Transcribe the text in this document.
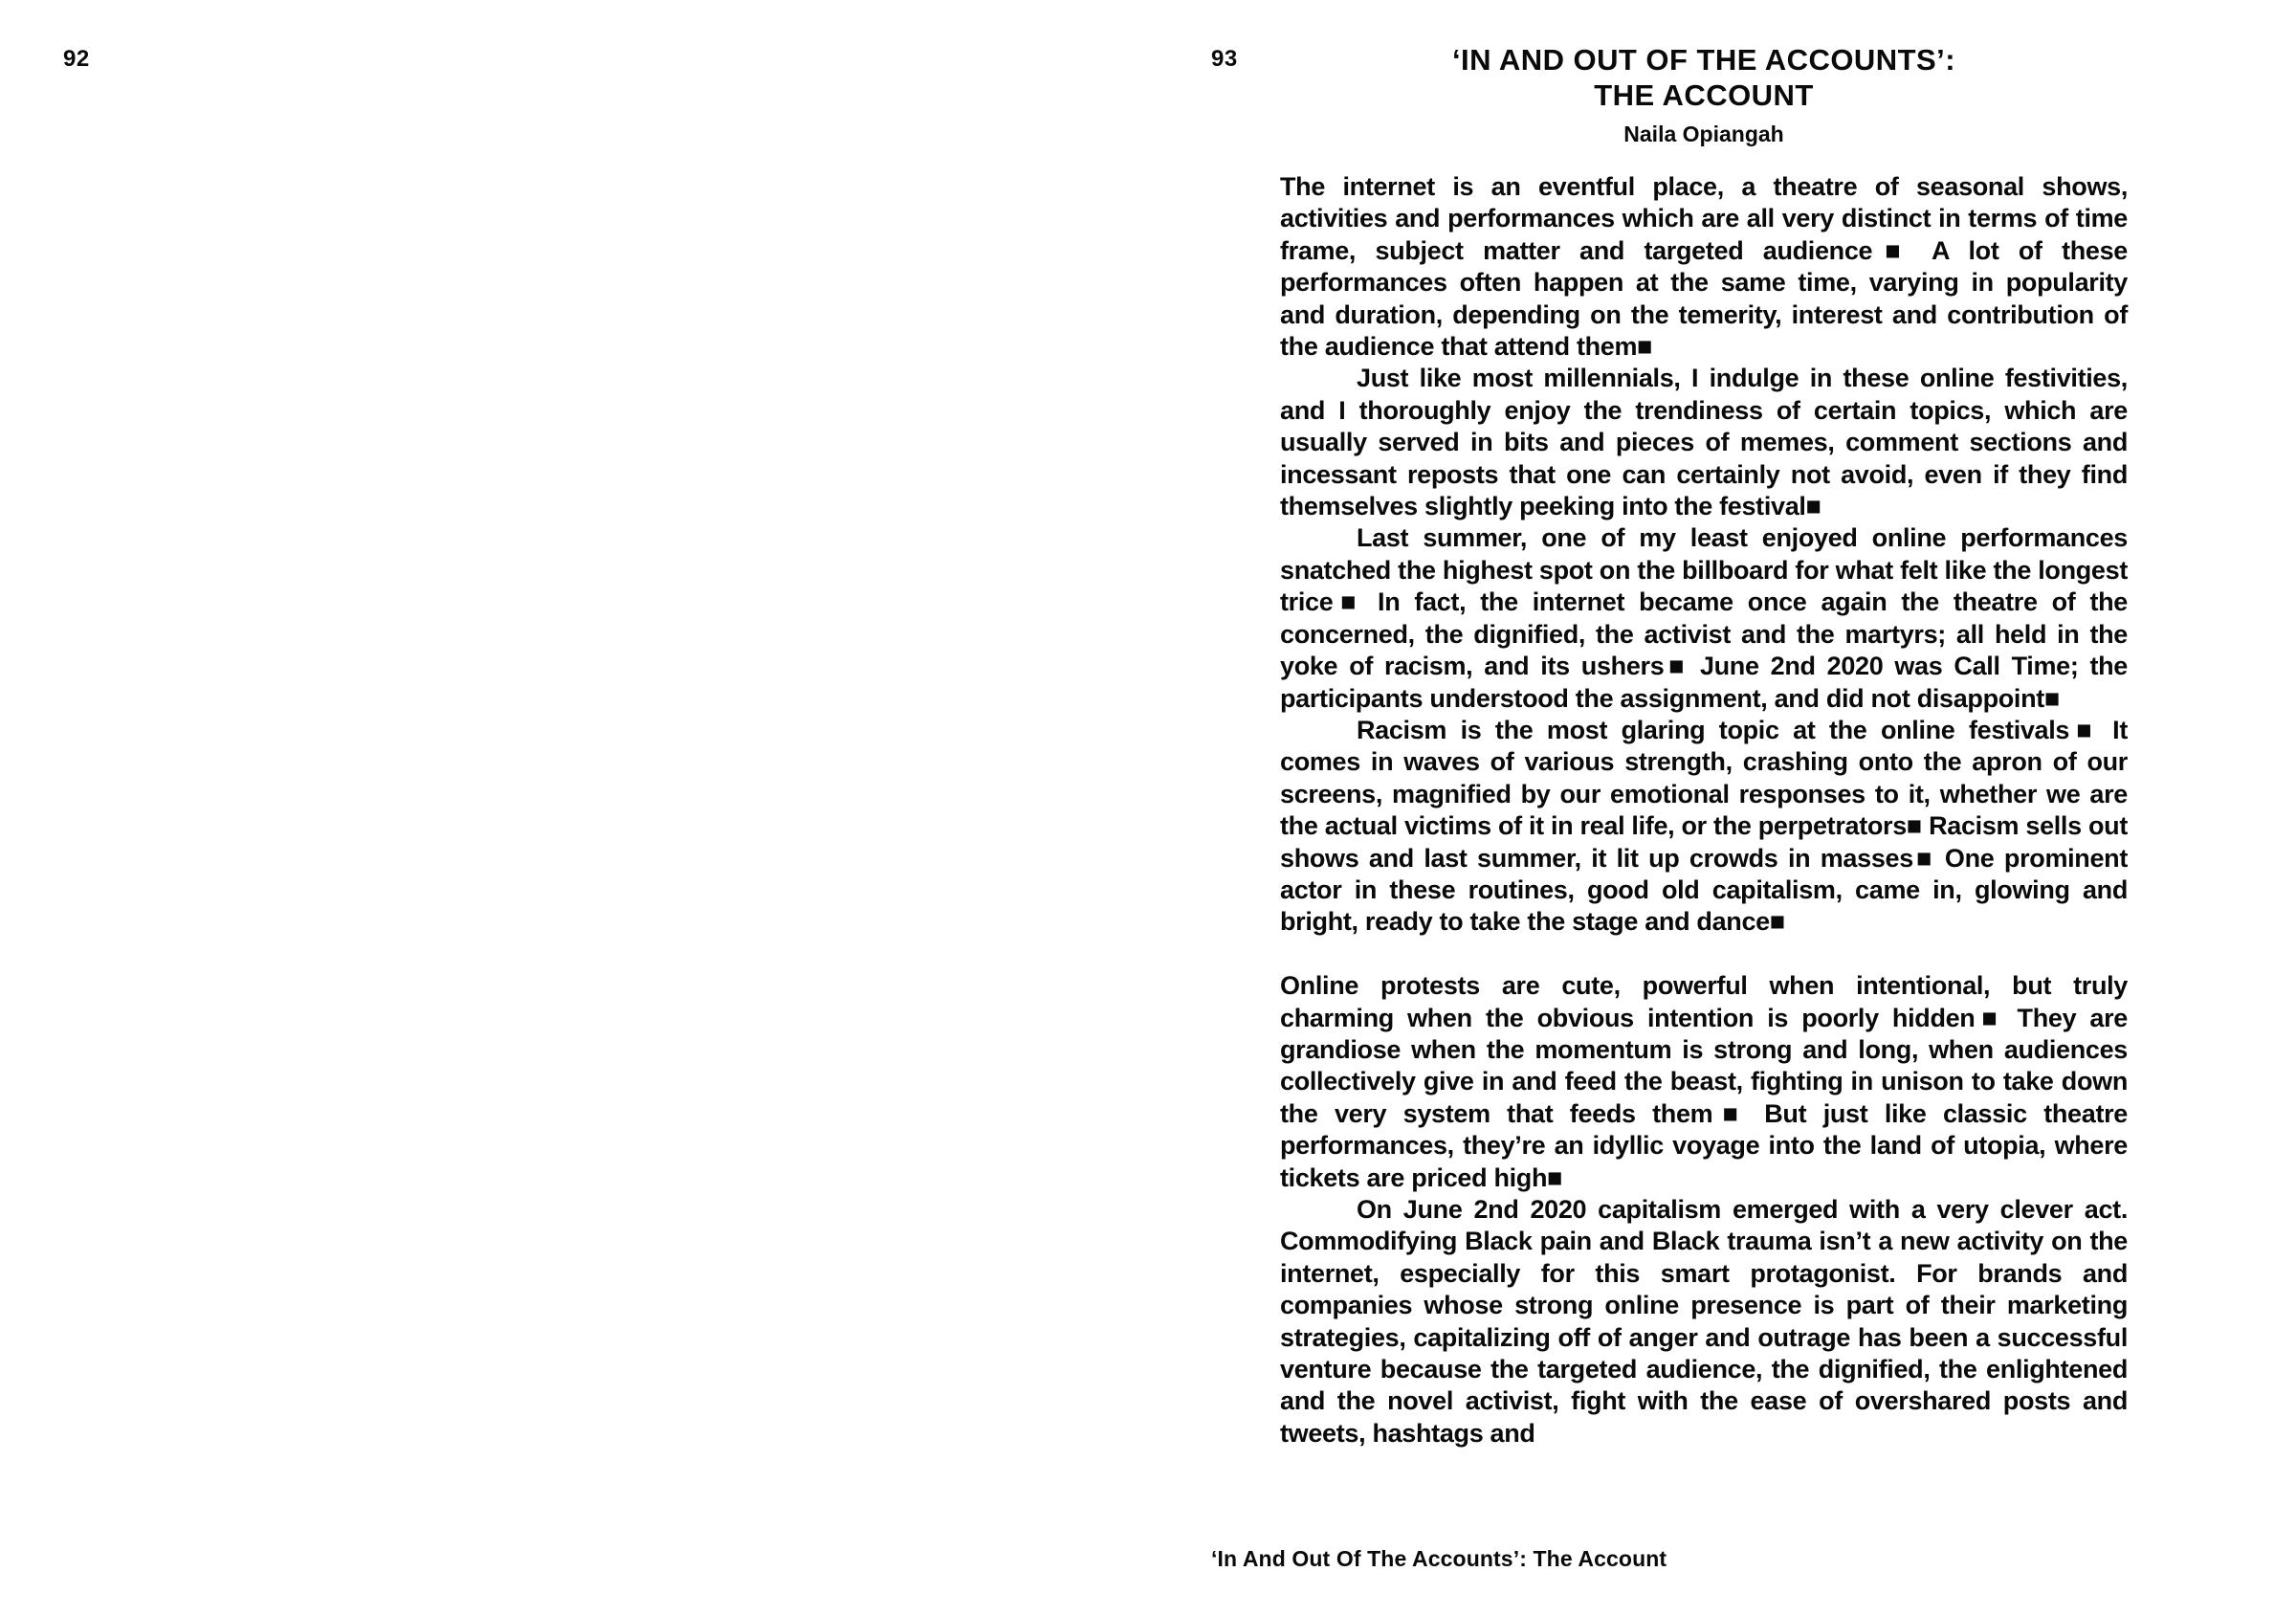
92	93	‘IN AND OUT OF THE ACCOUNTS’:
THE ACCOUNT
Naila Opiangah

The internet is an eventful place, a theatre of seasonal shows, activities and performances which are all very distinct in terms of time frame, subject matter and targeted audience■ A lot of these performances often happen at the same time, varying in popularity and duration, depending on the temerity, interest and contribution of the audience that attend them■

Just like most millennials, I indulge in these online festivities, and I thoroughly enjoy the trendiness of certain topics, which are usually served in bits and pieces of memes, comment sections and incessant reposts that one can certainly not avoid, even if they find themselves slightly peeking into the festival■

Last summer, one of my least enjoyed online performances snatched the highest spot on the billboard for what felt like the longest trice■ In fact, the internet became once again the theatre of the concerned, the dignified, the activist and the martyrs; all held in the yoke of racism, and its ushers■ June 2nd 2020 was Call Time; the participants understood the assignment, and did not disappoint■

Racism is the most glaring topic at the online festivals■ It comes in waves of various strength, crashing onto the apron of our screens, magnified by our emotional responses to it, whether we are the actual victims of it in real life, or the perpetrators■ Racism sells out shows and last summer, it lit up crowds in masses■ One prominent actor in these routines, good old capitalism, came in, glowing and bright, ready to take the stage and dance■

Online protests are cute, powerful when intentional, but truly charming when the obvious intention is poorly hidden■ They are grandiose when the momentum is strong and long, when audiences collectively give in and feed the beast, fighting in unison to take down the very system that feeds them■ But just like classic theatre performances, they’re an idyllic voyage into the land of utopia, where tickets are priced high■

On June 2nd 2020 capitalism emerged with a very clever act. Commodifying Black pain and Black trauma isn’t a new activity on the internet, especially for this smart protagonist. For brands and companies whose strong online presence is part of their marketing strategies, capitalizing off of anger and outrage has been a successful venture because the targeted audience, the dignified, the enlightened and the novel activist, fight with the ease of overshared posts and tweets, hashtags and

‘In And Out Of The Accounts’: The Account
